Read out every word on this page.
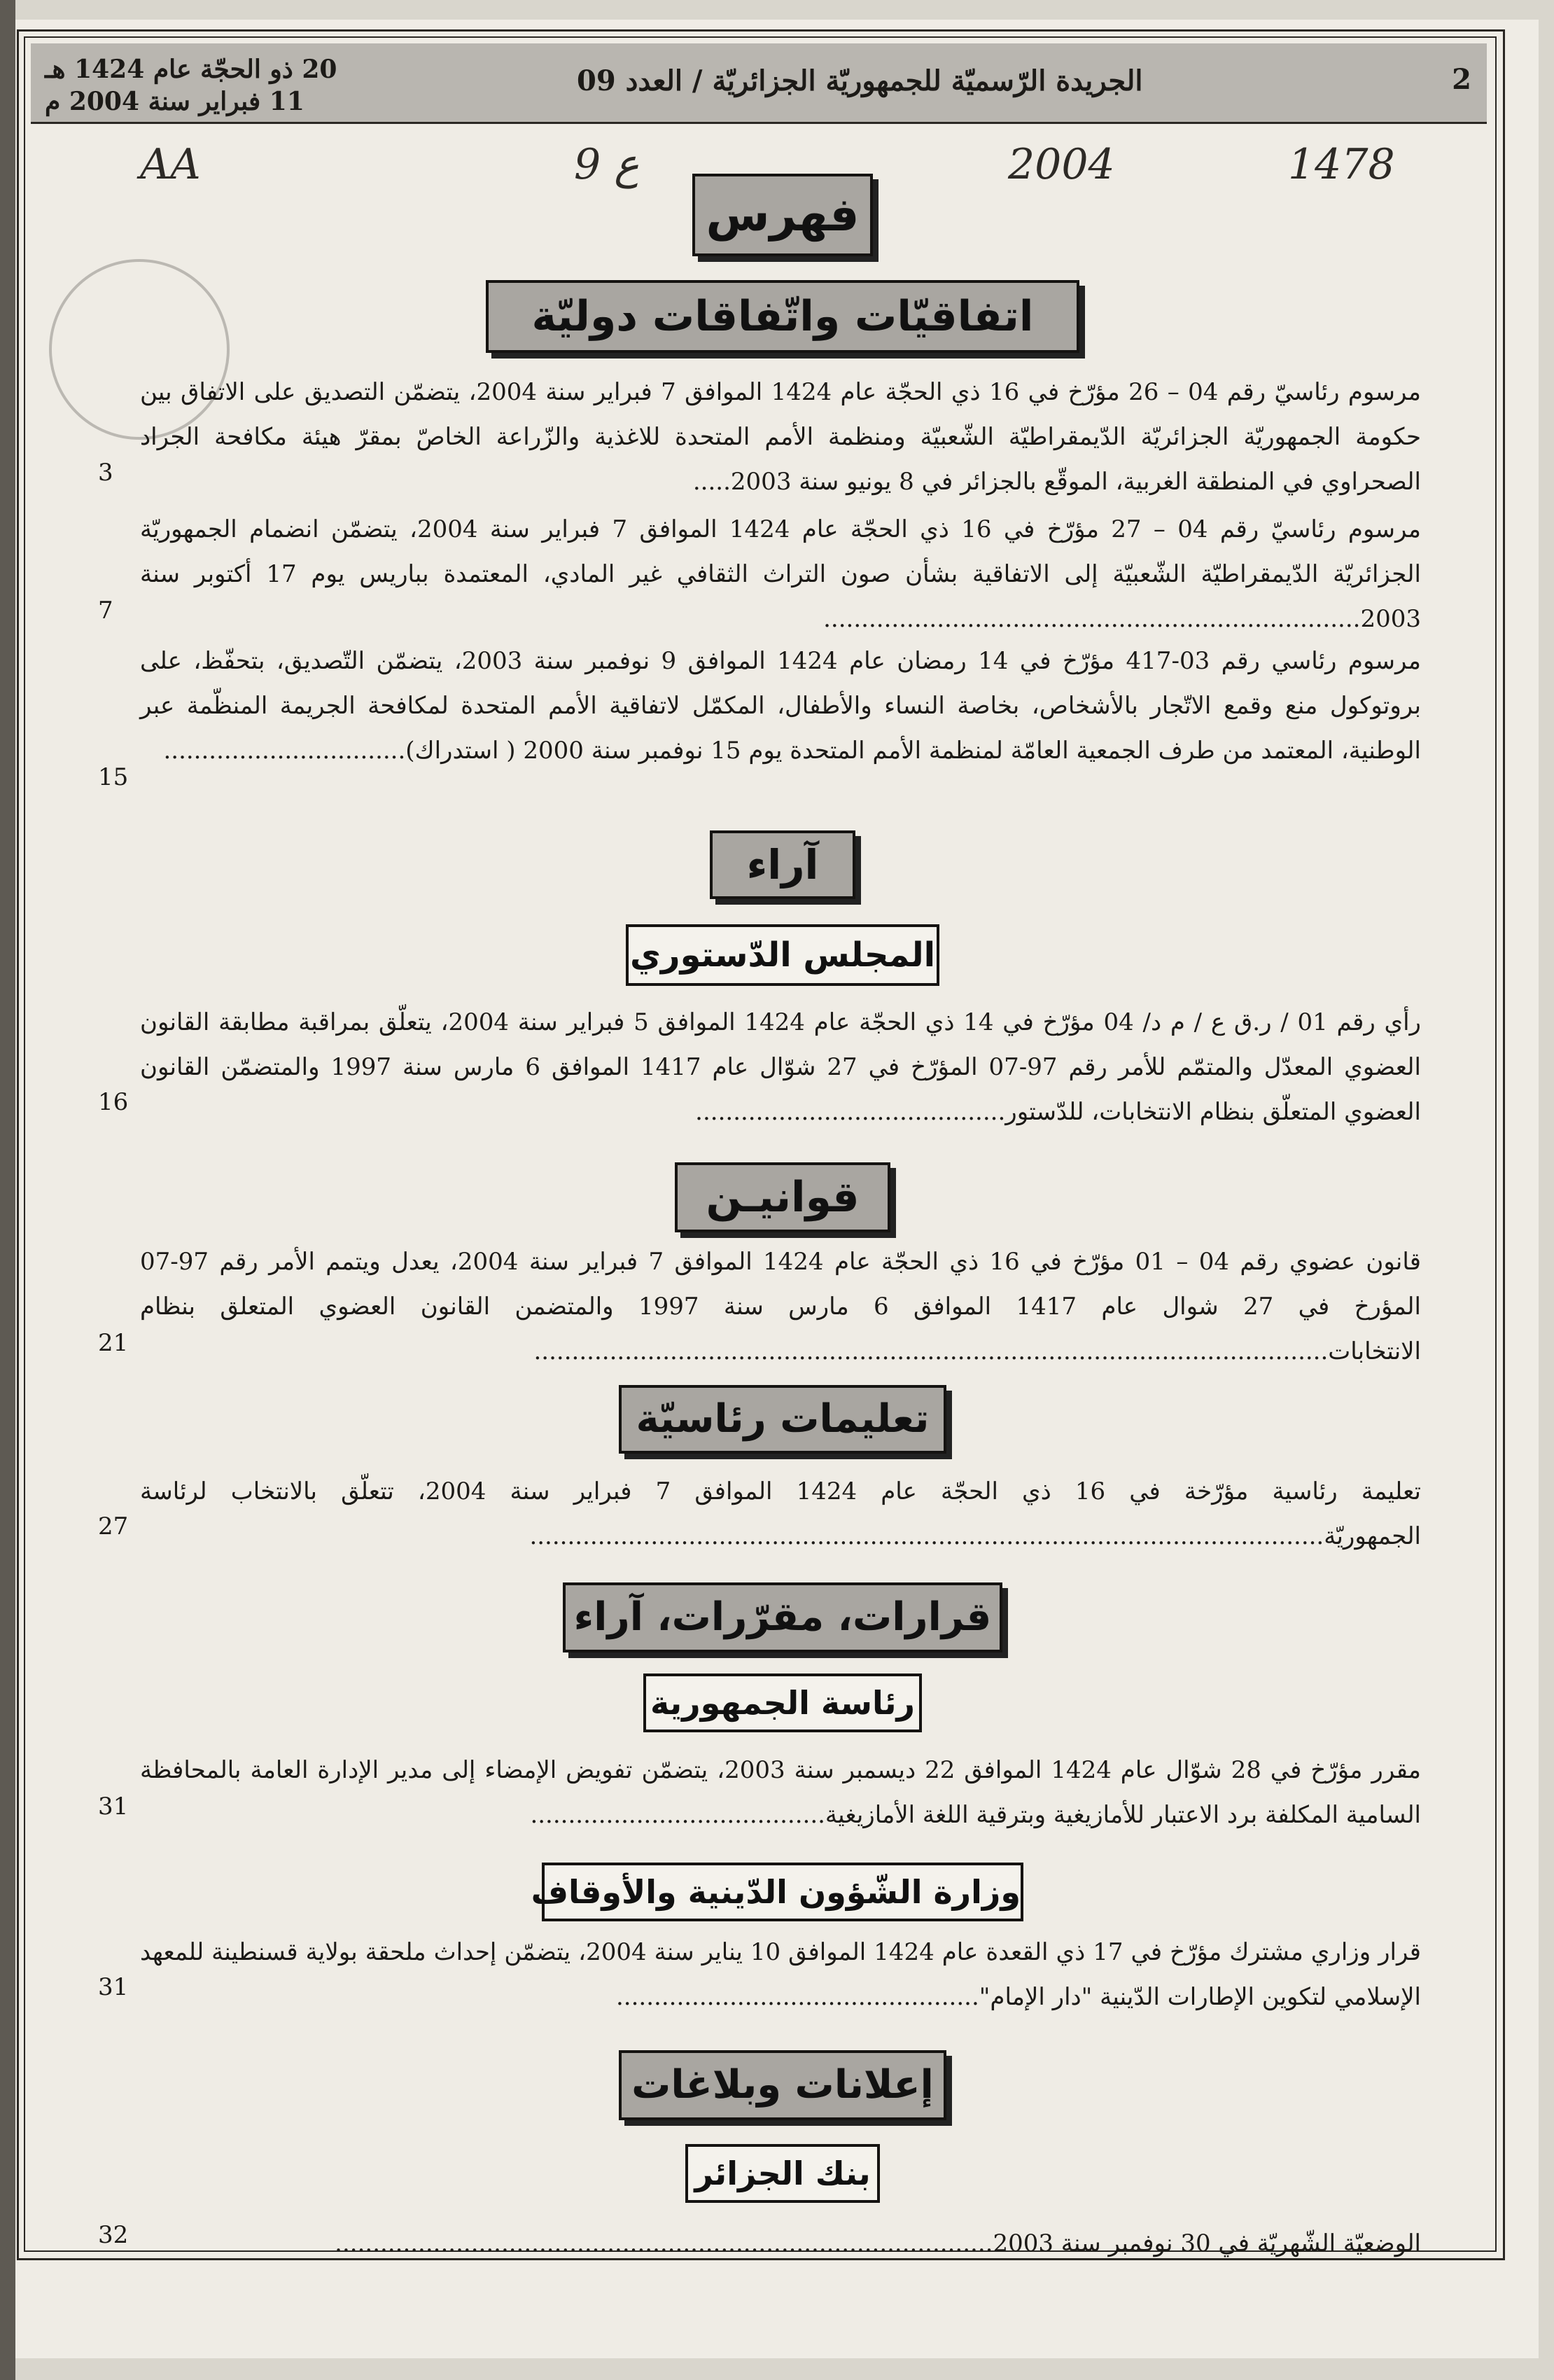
20 ذو الحجّة عام 1424 هـ
11 فبراير سنة 2004 م
الجريدة الرّسميّة للجمهوريّة الجزائريّة / العدد 09	2
AA	9 ع	2004	1478
فهرس
اتفاقيّات واتّفاقات دوليّة
مرسوم رئاسيّ رقم 04 – 26 مؤرّخ في 16 ذي الحجّة عام 1424 الموافق 7 فبراير سنة 2004، يتضمّن التصديق على الاتفاق بين حكومة الجمهوريّة الجزائريّة الدّيمقراطيّة الشّعبيّة ومنظمة الأمم المتحدة للاغذية والزّراعة الخاصّ بمقرّ هيئة مكافحة الجراد الصحراوي في المنطقة الغربية، الموقّع بالجزائر في 8 يونيو سنة 2003.....
3
مرسوم رئاسيّ رقم 04 – 27 مؤرّخ في 16 ذي الحجّة عام 1424 الموافق 7 فبراير سنة 2004، يتضمّن انضمام الجمهوريّة الجزائريّة الدّيمقراطيّة الشّعبيّة إلى الاتفاقية بشأن صون التراث الثقافي غير المادي، المعتمدة بباريس يوم 17 أكتوبر سنة 2003.......................................................................
7
مرسوم رئاسي رقم 03-417 مؤرّخ في 14 رمضان عام 1424 الموافق 9 نوفمبر سنة 2003، يتضمّن التّصديق، بتحفّظ، على بروتوكول منع وقمع الاتّجار بالأشخاص، بخاصة النساء والأطفال، المكمّل لاتفاقية الأمم المتحدة لمكافحة الجريمة المنظّمة عبر الوطنية، المعتمد من طرف الجمعية العامّة لمنظمة الأمم المتحدة يوم 15 نوفمبر سنة 2000 ( استدراك)................................
15
آراء
المجلس الدّستوري
رأي رقم 01 / ر.ق ع / م د/ 04 مؤرّخ في 14 ذي الحجّة عام 1424 الموافق 5 فبراير سنة 2004، يتعلّق بمراقبة مطابقة القانون العضوي المعدّل والمتمّم للأمر رقم 97-07 المؤرّخ في 27 شوّال عام 1417 الموافق 6 مارس سنة 1997 والمتضمّن القانون العضوي المتعلّق بنظام الانتخابات، للدّستور.........................................
16
قوانيـن
قانون عضوي رقم 04 – 01 مؤرّخ في 16 ذي الحجّة عام 1424 الموافق 7 فبراير سنة 2004، يعدل ويتمم الأمر رقم 97-07 المؤرخ في 27 شوال عام 1417 الموافق 6 مارس سنة 1997 والمتضمن القانون العضوي المتعلق بنظام الانتخابات.........................................................................................................
21
تعليمات رئاسيّة
تعليمة رئاسية مؤرّخة في 16 ذي الحجّة عام 1424 الموافق 7 فبراير سنة 2004، تتعلّق بالانتخاب لرئاسة الجمهوريّة.........................................................................................................
27
قرارات، مقرّرات، آراء
رئاسة الجمهورية
مقرر مؤرّخ في 28 شوّال عام 1424 الموافق 22 ديسمبر سنة 2003، يتضمّن تفويض الإمضاء إلى مدير الإدارة العامة بالمحافظة السامية المكلفة برد الاعتبار للأمازيغية وبترقية اللغة الأمازيغية.......................................
31
وزارة الشّؤون الدّينية والأوقاف
قرار وزاري مشترك مؤرّخ في 17 ذي القعدة عام 1424 الموافق 10 يناير سنة 2004، يتضمّن إحداث ملحقة بولاية قسنطينة للمعهد الإسلامي لتكوين الإطارات الدّينية "دار الإمام"................................................
31
إعلانات وبلاغات
بنك الجزائر
الوضعيّة الشّهريّة في 30 نوفمبر سنة 2003.......................................................................................
32
